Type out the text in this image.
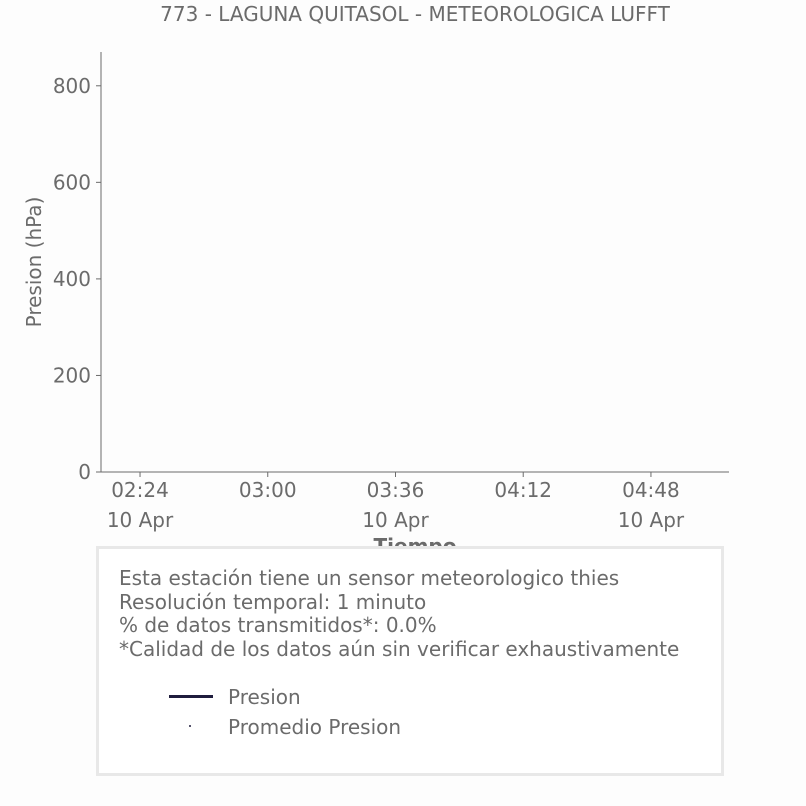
773 - LAGUNA QUITASOL - METEOROLOGICA LUFFT
0
200
400
600
800
02:24
10 Apr
03:00	03:36
10 Apr
04:12	04:48
10 Apr
Presion (hPa)
Esta estación tiene un sensor meteorologico thies
Resolución temporal: 1 minuto
% de datos transmitidos*: 0.0%
*Calidad de los datos aún sin verificar exhaustivamente
Presion
Promedio Presion
